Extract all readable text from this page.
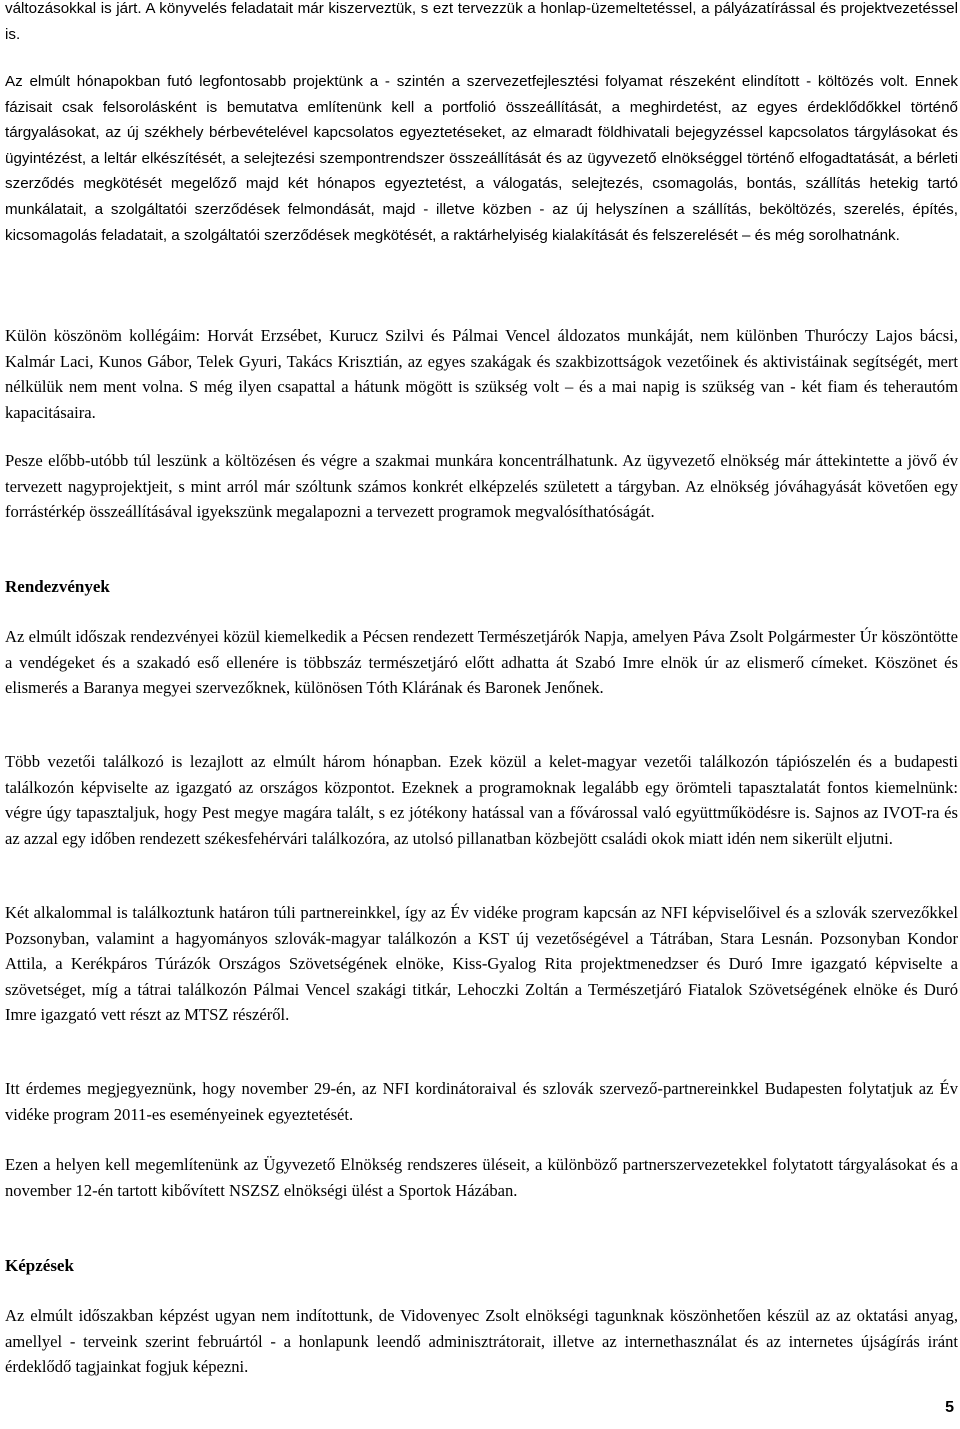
változásokkal is járt. A könyvelés feladatait már kiszerveztük, s ezt tervezzük a honlap-üzemeltetéssel, a pályázatírással és projektvezetéssel is.

Az elmúlt hónapokban futó legfontosabb projektünk a - szintén a szervezetfejlesztési folyamat részeként elindított - költözés volt. Ennek fázisait csak felsorolásként is bemutatva említenünk kell a portfolió összeállítását, a meghirdetést, az egyes érdeklődőkkel történő tárgyalásokat, az új székhely bérbevételével kapcsolatos egyeztetéseket, az elmaradt földhivatali bejegyzéssel kapcsolatos tárgylásokat és ügyintézést, a leltár elkészítését, a selejtezési szempontrendszer összeállítását és az ügyvezető elnökséggel történő elfogadtatását, a bérleti szerződés megkötését megelőző majd két hónapos egyeztetést, a válogatás, selejtezés, csomagolás, bontás, szállítás hetekig tartó munkálatait, a szolgáltatói szerződések felmondását, majd - illetve közben - az új helyszínen a szállítás, beköltözés, szerelés, építés, kicsomagolás feladatait, a szolgáltatói szerződések megkötését, a raktárhelyiség kialakítását és felszerelését – és még sorolhatnánk.

Külön köszönöm kollégáim: Horvát Erzsébet, Kurucz Szilvi és Pálmai Vencel áldozatos munkáját, nem különben Thuróczy Lajos bácsi, Kalmár Laci, Kunos Gábor, Telek Gyuri, Takács Krisztián, az egyes szakágak és szakbizottságok vezetőinek és aktivistáinak segítségét, mert nélkülük nem ment volna. S még ilyen csapattal a hátunk mögött is szükség volt – és a mai napig is szükség van - két fiam és teherautóm kapacitásaira.

Pesze előbb-utóbb túl leszünk a költözésen és végre a szakmai munkára koncentrálhatunk. Az ügyvezető elnökség már áttekintette a jövő év tervezett nagyprojektjeit, s mint arról már szóltunk számos konkrét elképzelés született a tárgyban. Az elnökség jóváhagyását követően egy forrástérkép összeállításával igyekszünk megalapozni a tervezett programok megvalósíthatóságát.

Rendezvények

Az elmúlt időszak rendezvényei közül kiemelkedik a Pécsen rendezett Természetjárók Napja, amelyen Páva Zsolt Polgármester Úr köszöntötte a vendégeket és a szakadó eső ellenére is többszáz természetjáró előtt adhatta át Szabó Imre elnök úr az elismerő címeket. Köszönet és elismerés a Baranya megyei szervezőknek, különösen Tóth Klárának és Baronek Jenőnek.

Több vezetői találkozó is lezajlott az elmúlt három hónapban. Ezek közül a kelet-magyar vezetői találkozón tápiószelén és a budapesti találkozón képviselte az igazgató az országos központot. Ezeknek a programoknak legalább egy örömteli tapasztalatát fontos kiemelnünk: végre úgy tapasztaljuk, hogy Pest megye magára talált, s ez jótékony hatással van a fővárossal való együttműködésre is. Sajnos az IVOT-ra és az azzal egy időben rendezett székesfehérvári találkozóra, az utolsó pillanatban közbejött családi okok miatt idén nem sikerült eljutni.

Két alkalommal is találkoztunk határon túli partnereinkkel, így az Év vidéke program kapcsán az NFI képviselőivel és a szlovák szervezőkkel Pozsonyban, valamint a hagyományos szlovák-magyar találkozón a KST új vezetőségével a Tátrában, Stara Lesnán. Pozsonyban Kondor Attila, a Kerékpáros Túrázók Országos Szövetségének elnöke, Kiss-Gyalog Rita projektmenedzser és Duró Imre igazgató képviselte a szövetséget, míg a tátrai találkozón Pálmai Vencel szakági titkár, Lehoczki Zoltán a Természetjáró Fiatalok Szövetségének elnöke és Duró Imre igazgató vett részt az MTSZ részéről.

Itt érdemes megjegyeznünk, hogy november 29-én, az NFI kordinátoraival és szlovák szervező-partnereinkkel Budapesten folytatjuk az Év vidéke program 2011-es eseményeinek egyeztetését.

Ezen a helyen kell megemlítenünk az Ügyvezető Elnökség rendszeres üléseit, a különböző partnerszervezetekkel folytatott tárgyalásokat és a november 12-én tartott kibővített NSZSZ elnökségi ülést a Sportok Házában.

Képzések

Az elmúlt időszakban képzést ugyan nem indítottunk, de Vidovenyec Zsolt elnökségi tagunknak köszönhetően készül az az oktatási anyag, amellyel - terveink szerint februártól - a honlapunk leendő adminisztrátorait, illetve az internethasználat és az internetes újságírás iránt érdeklődő tagjainkat fogjuk képezni.

5
